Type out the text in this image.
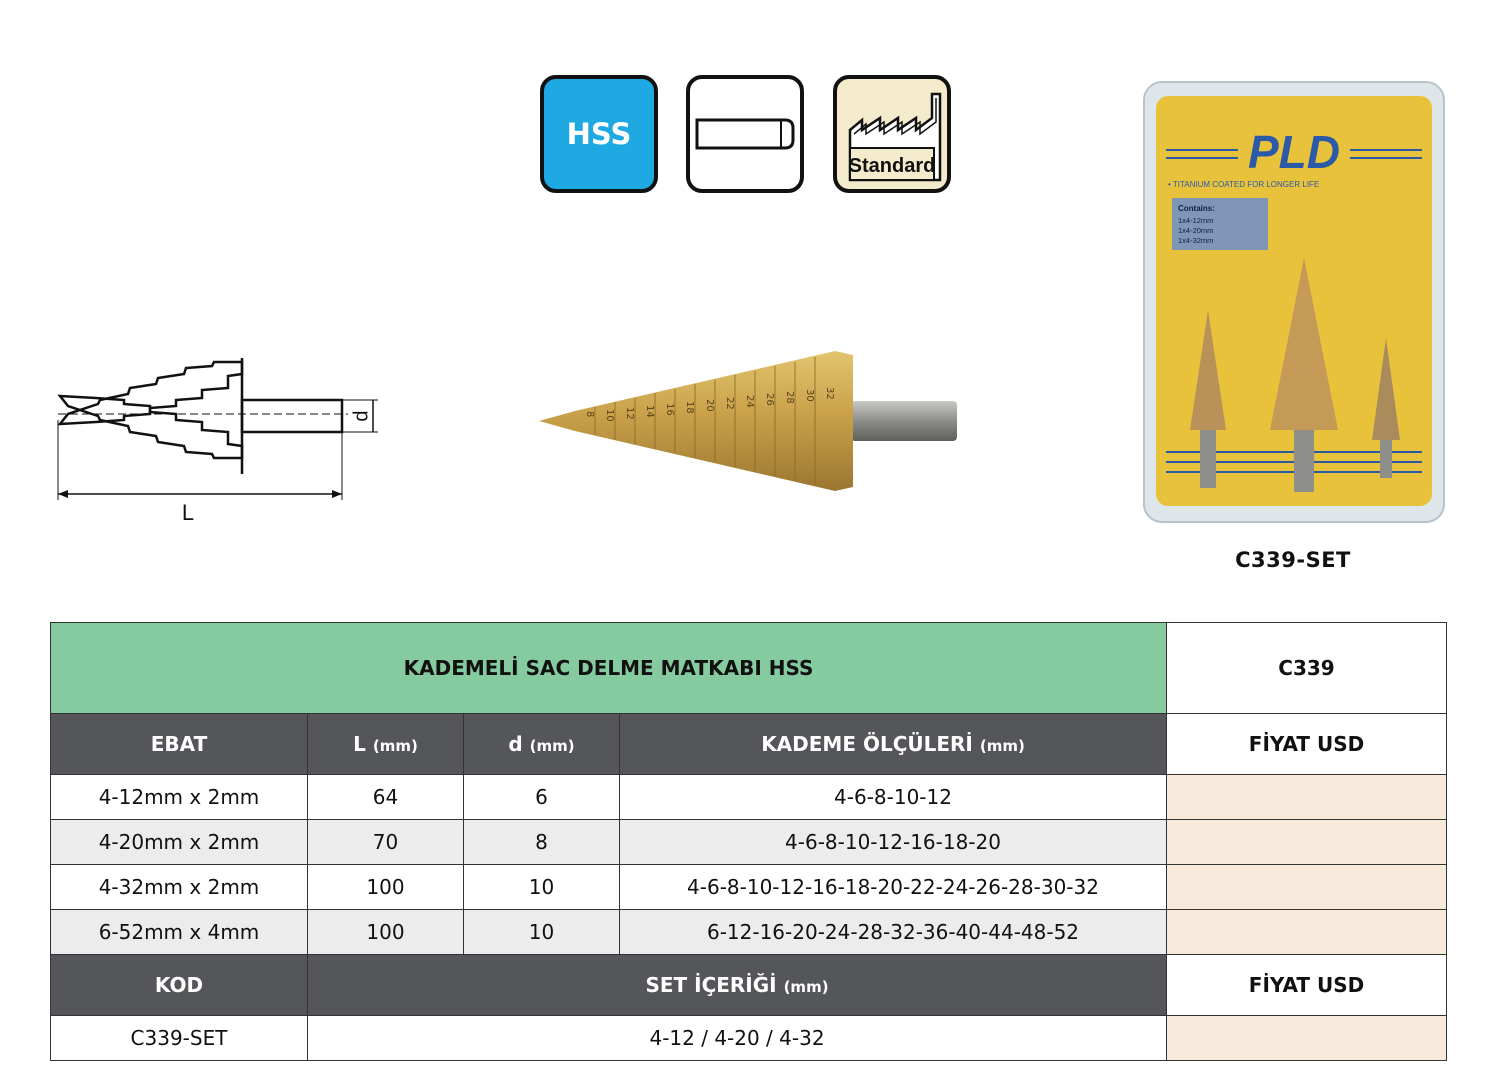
HSS
Standard
d
L
8 10 12 14 16 18 20 22 24 26 28 30 32
PLD
• TITANIUM COATED FOR LONGER LIFE
Contains:
1x4-12mm
1x4-20mm
1x4-32mm
C339-SET
KADEMELİ SAC DELME MATKABI HSS				C339
EBAT	L (mm)	d (mm)	KADEME ÖLÇÜLERİ (mm)	FİYAT USD
4-12mm x 2mm	64	6	4-6-8-10-12	
4-20mm x 2mm	70	8	4-6-8-10-12-16-18-20	
4-32mm x 2mm	100	10	4-6-8-10-12-16-18-20-22-24-26-28-30-32	
6-52mm x 4mm	100	10	6-12-16-20-24-28-32-36-40-44-48-52	
KOD	SET İÇERİĞİ (mm)			FİYAT USD
C339-SET	4-12 / 4-20 / 4-32			
